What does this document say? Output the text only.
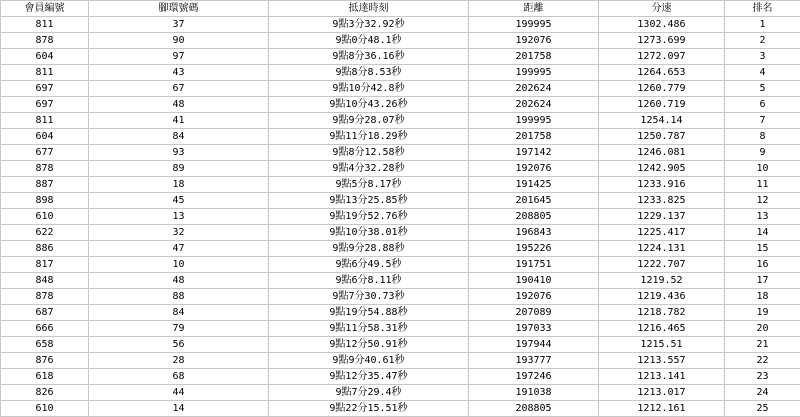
會員編號	腳環號碼	抵達時刻	距離	分速	排名
811	37	9點3分32.92秒	199995	1302.486	1
878	90	9點0分48.1秒	192076	1273.699	2
604	97	9點8分36.16秒	201758	1272.097	3
811	43	9點8分8.53秒	199995	1264.653	4
697	67	9點10分42.8秒	202624	1260.779	5
697	48	9點10分43.26秒	202624	1260.719	6
811	41	9點9分28.07秒	199995	1254.14	7
604	84	9點11分18.29秒	201758	1250.787	8
677	93	9點8分12.58秒	197142	1246.081	9
878	89	9點4分32.28秒	192076	1242.905	10
887	18	9點5分8.17秒	191425	1233.916	11
898	45	9點13分25.85秒	201645	1233.825	12
610	13	9點19分52.76秒	208805	1229.137	13
622	32	9點10分38.01秒	196843	1225.417	14
886	47	9點9分28.88秒	195226	1224.131	15
817	10	9點6分49.5秒	191751	1222.707	16
848	48	9點6分8.11秒	190410	1219.52	17
878	88	9點7分30.73秒	192076	1219.436	18
687	84	9點19分54.88秒	207089	1218.782	19
666	79	9點11分58.31秒	197033	1216.465	20
658	56	9點12分50.91秒	197944	1215.51	21
876	28	9點9分40.61秒	193777	1213.557	22
618	68	9點12分35.47秒	197246	1213.141	23
826	44	9點7分29.4秒	191038	1213.017	24
610	14	9點22分15.51秒	208805	1212.161	25
